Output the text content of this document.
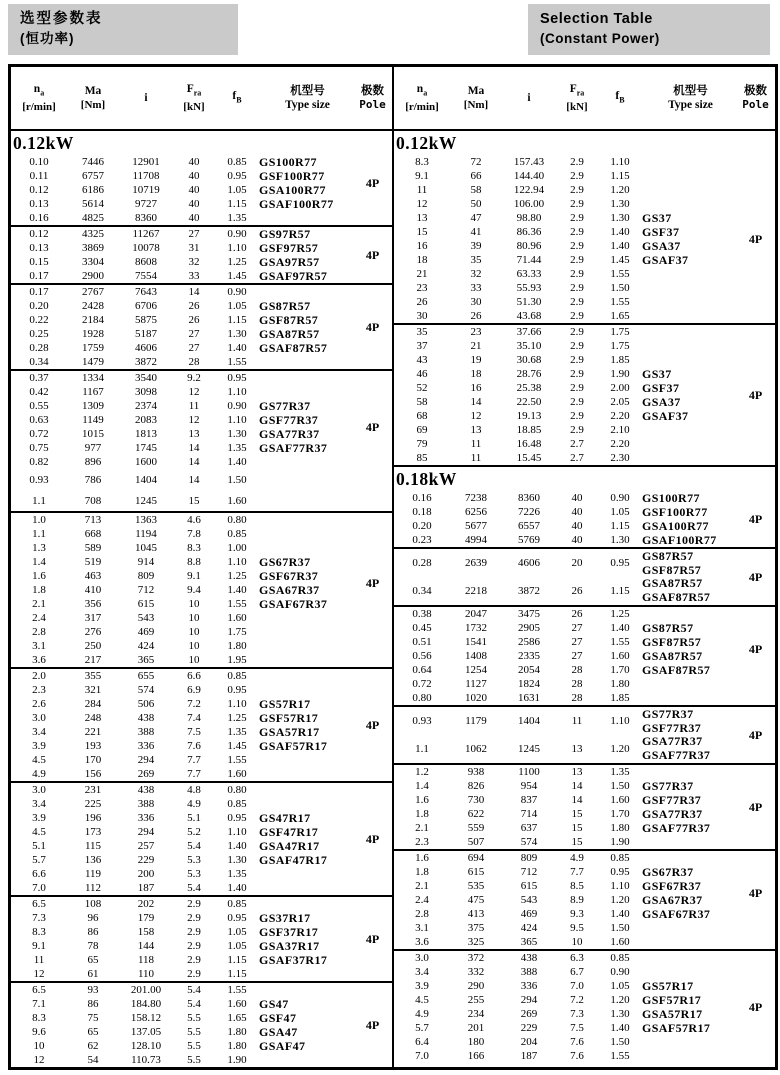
选型参数表
(恒功率)
Selection Table
(Constant Power)
$n_a$
[r/min]
Ma
[Nm]
i
$F_{ra}$
[kN]
$f_B$
机型号
Type size
极数
Pole
0.12kW
0.10	7446	12901	40	0.85	GS100R77
0.11	6757	11708	40	0.95	GSF100R77
0.12	6186	10719	40	1.05	GSA100R77
0.13	5614	9727	40	1.15	GSAF100R77
0.16	4825	8360	40	1.35
4P
0.12	4325	11267	27	0.90	GS97R57
0.13	3869	10078	31	1.10	GSF97R57
0.15	3304	8608	32	1.25	GSA97R57
0.17	2900	7554	33	1.45	GSAF97R57
4P
0.17	2767	7643	14	0.90
0.20	2428	6706	26	1.05	GS87R57
0.22	2184	5875	26	1.15	GSF87R57
0.25	1928	5187	27	1.30	GSA87R57
0.28	1759	4606	27	1.40	GSAF87R57
0.34	1479	3872	28	1.55
4P
0.37	1334	3540	9.2	0.95
0.42	1167	3098	12	1.10
0.55	1309	2374	11	0.90	GS77R37
0.63	1149	2083	12	1.10	GSF77R37
0.72	1015	1813	13	1.30	GSA77R37
0.75	977	1745	14	1.35	GSAF77R37
0.82	896	1600	14	1.40
0.93	786	1404	14	1.50
1.1	708	1245	15	1.60
4P
1.0	713	1363	4.6	0.80
1.1	668	1194	7.8	0.85
1.3	589	1045	8.3	1.00
1.4	519	914	8.8	1.10	GS67R37
1.6	463	809	9.1	1.25	GSF67R37
1.8	410	712	9.4	1.40	GSA67R37
2.1	356	615	10	1.55	GSAF67R37
2.4	317	543	10	1.60
2.8	276	469	10	1.75
3.1	250	424	10	1.80
3.6	217	365	10	1.95
4P
2.0	355	655	6.6	0.85
2.3	321	574	6.9	0.95
2.6	284	506	7.2	1.10	GS57R17
3.0	248	438	7.4	1.25	GSF57R17
3.4	221	388	7.5	1.35	GSA57R17
3.9	193	336	7.6	1.45	GSAF57R17
4.5	170	294	7.7	1.55
4.9	156	269	7.7	1.60
4P
3.0	231	438	4.8	0.80
3.4	225	388	4.9	0.85
3.9	196	336	5.1	0.95	GS47R17
4.5	173	294	5.2	1.10	GSF47R17
5.1	115	257	5.4	1.40	GSA47R17
5.7	136	229	5.3	1.30	GSAF47R17
6.6	119	200	5.3	1.35
7.0	112	187	5.4	1.40
4P
6.5	108	202	2.9	0.85
7.3	96	179	2.9	0.95	GS37R17
8.3	86	158	2.9	1.05	GSF37R17
9.1	78	144	2.9	1.05	GSA37R17
11	65	118	2.9	1.15	GSAF37R17
12	61	110	2.9	1.15
4P
6.5	93	201.00	5.4	1.55
7.1	86	184.80	5.4	1.60	GS47
8.3	75	158.12	5.5	1.65	GSF47
9.6	65	137.05	5.5	1.80	GSA47
10	62	128.10	5.5	1.80	GSAF47
12	54	110.73	5.5	1.90
4P
$n_a$
[r/min]
Ma
[Nm]
i
$F_{ra}$
[kN]
$f_B$
机型号
Type size
极数
Pole
0.12kW
8.3	72	157.43	2.9	1.10
9.1	66	144.40	2.9	1.15
11	58	122.94	2.9	1.20
12	50	106.00	2.9	1.30
13	47	98.80	2.9	1.30	GS37
15	41	86.36	2.9	1.40	GSF37
16	39	80.96	2.9	1.40	GSA37
18	35	71.44	2.9	1.45	GSAF37
21	32	63.33	2.9	1.55
23	33	55.93	2.9	1.50
26	30	51.30	2.9	1.55
30	26	43.68	2.9	1.65
4P
35	23	37.66	2.9	1.75
37	21	35.10	2.9	1.75
43	19	30.68	2.9	1.85
46	18	28.76	2.9	1.90	GS37
52	16	25.38	2.9	2.00	GSF37
58	14	22.50	2.9	2.05	GSA37
68	12	19.13	2.9	2.20	GSAF37
69	13	18.85	2.9	2.10
79	11	16.48	2.7	2.20
85	11	15.45	2.7	2.30
4P
0.18kW
0.16	7238	8360	40	0.90	GS100R77
0.18	6256	7226	40	1.05	GSF100R77
0.20	5677	6557	40	1.15	GSA100R77
0.23	4994	5769	40	1.30	GSAF100R77
4P
0.28	2639	4606	20	0.95
0.34	2218	3872	26	1.15
GS87R57
GSF87R57
GSA87R57
GSAF87R57
4P
0.38	2047	3475	26	1.25
0.45	1732	2905	27	1.40	GS87R57
0.51	1541	2586	27	1.55	GSF87R57
0.56	1408	2335	27	1.60	GSA87R57
0.64	1254	2054	28	1.70	GSAF87R57
0.72	1127	1824	28	1.80
0.80	1020	1631	28	1.85
4P
0.93	1179	1404	11	1.10
1.1	1062	1245	13	1.20
GS77R37
GSF77R37
GSA77R37
GSAF77R37
4P
1.2	938	1100	13	1.35
1.4	826	954	14	1.50	GS77R37
1.6	730	837	14	1.60	GSF77R37
1.8	622	714	15	1.70	GSA77R37
2.1	559	637	15	1.80	GSAF77R37
2.3	507	574	15	1.90
4P
1.6	694	809	4.9	0.85
1.8	615	712	7.7	0.95	GS67R37
2.1	535	615	8.5	1.10	GSF67R37
2.4	475	543	8.9	1.20	GSA67R37
2.8	413	469	9.3	1.40	GSAF67R37
3.1	375	424	9.5	1.50
3.6	325	365	10	1.60
4P
3.0	372	438	6.3	0.85
3.4	332	388	6.7	0.90
3.9	290	336	7.0	1.05	GS57R17
4.5	255	294	7.2	1.20	GSF57R17
4.9	234	269	7.3	1.30	GSA57R17
5.7	201	229	7.5	1.40	GSAF57R17
6.4	180	204	7.6	1.50
7.0	166	187	7.6	1.55
4P
